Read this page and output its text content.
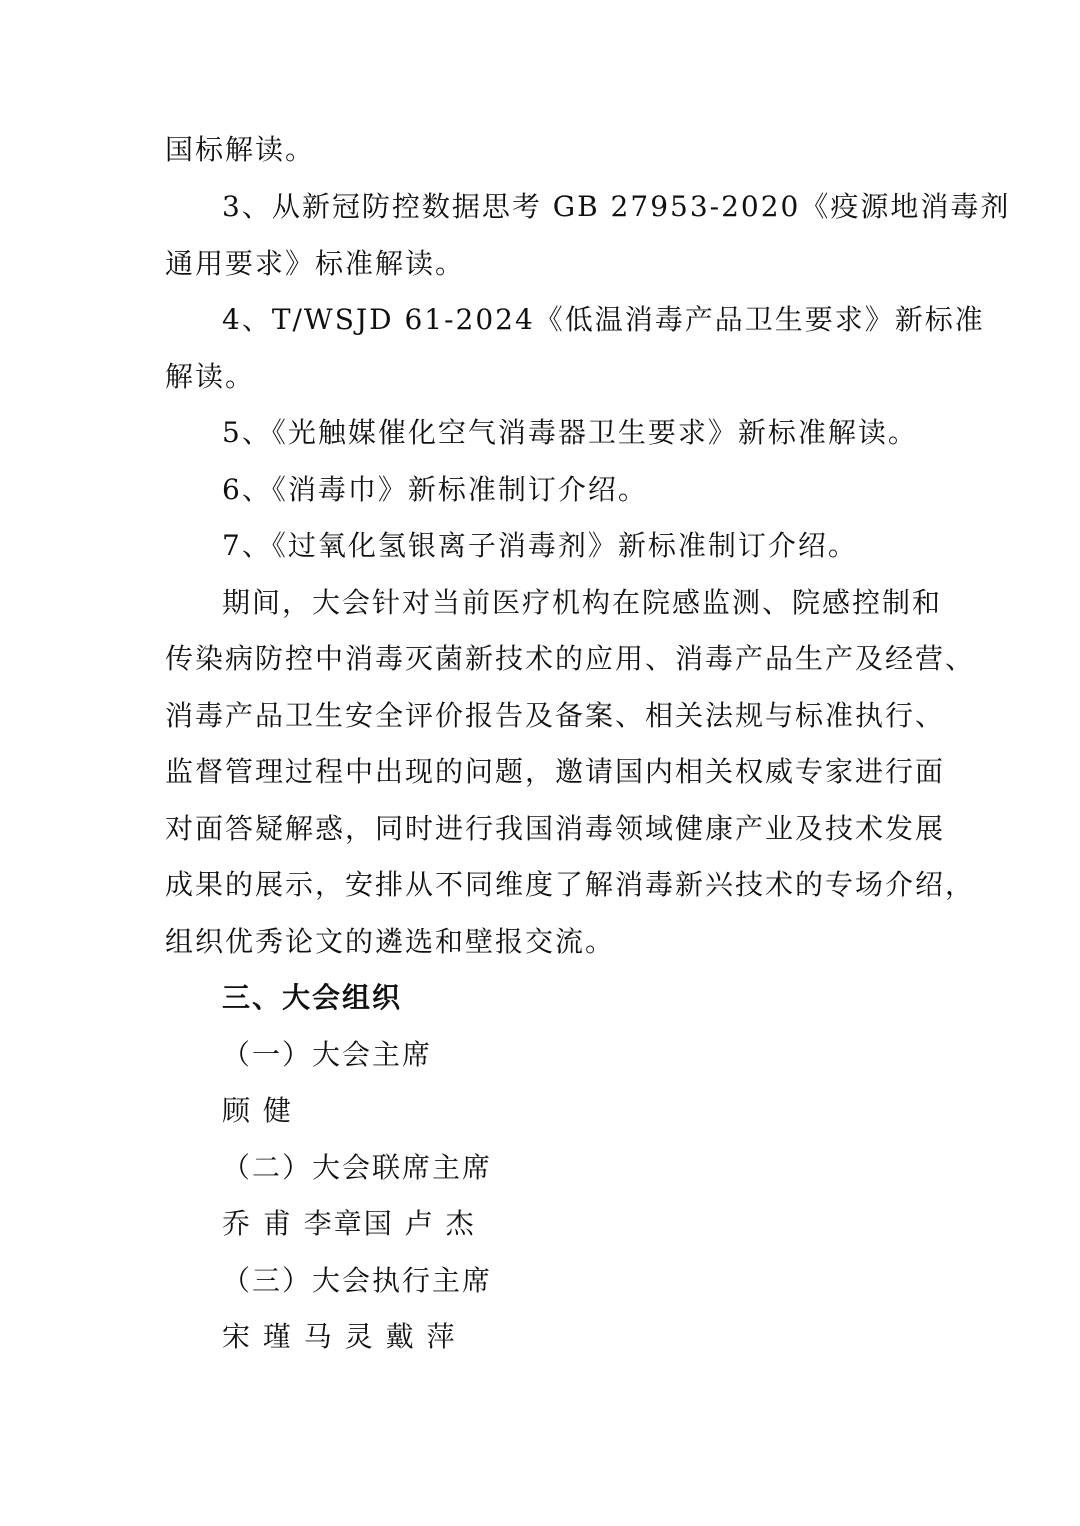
国标解读。
3、从新冠防控数据思考 GB 27953-2020《疫源地消毒剂
通用要求》标准解读。
4、T/WSJD 61-2024《低温消毒产品卫生要求》新标准
解读。
5、《光触媒催化空气消毒器卫生要求》新标准解读。
6、《消毒巾》新标准制订介绍。
7、《过氧化氢银离子消毒剂》新标准制订介绍。
期间，大会针对当前医疗机构在院感监测、院感控制和
传染病防控中消毒灭菌新技术的应用、消毒产品生产及经营、
消毒产品卫生安全评价报告及备案、相关法规与标准执行、
监督管理过程中出现的问题，邀请国内相关权威专家进行面
对面答疑解惑，同时进行我国消毒领域健康产业及技术发展
成果的展示，安排从不同维度了解消毒新兴技术的专场介绍，
组织优秀论文的遴选和壁报交流。
三、大会组织
（一）大会主席
顾 健
（二）大会联席主席
乔 甫 李章国 卢 杰
（三）大会执行主席
宋 瑾 马 灵 戴 萍
